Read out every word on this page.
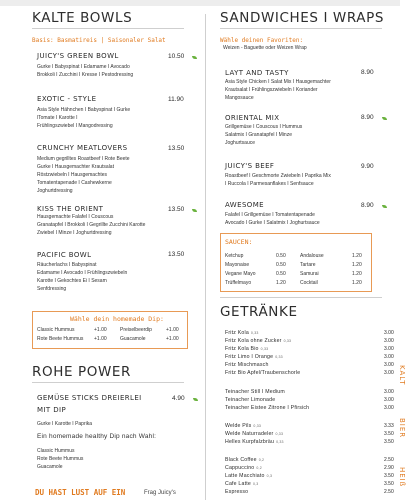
KALTE BOWLS
Basis: Basmatireis | Saisonaler Salat
JUICY'S GREEN BOWL	10.50
Gurke I Babyspinat I Edamame I Avocado
Brokkoli I Zucchini I Kresse I Pestodressing
EXOTIC - STYLE	11.90
Asia Style Hähnchen I Babyspinat I Gurke
lTomate I Karotte I
Frühlingszwiebel I Mangodressing
CRUNCHY MEATLOVERS	13.50
Medium gegrilltes Roastbeef I Rote Beete
Gurke I Hausgemachter Krautsalat
Röstzwiebeln I Hausgemachtes
Tomatentapenade I Cashewkerne
Joghurtdressing
KISS THE ORIENT	13.50
Hausgemachte Falafel I Couscous
Granatapfel I Brokkoli I Gegrillte Zucchini Karotte
Zwiebel I Minze I Joghurtdressing
PACIFIC BOWL	13.50
Räucherlachs I Babyspinat
Edamame I Avocado I Frühlingszwiebeln
Karotte I Gekochtes Ei I Sesam
Senfdressing
Wähle dein homemade Dip:
Classic Hummus	+1.00	Preiselbeerdip	+1.00
Rote Beete Hummus +1.00	Guacamole	+1.00
ROHE POWER
GEMÜSE STICKS DREIERLEI	4.90
MIT DIP
Gurke I Karotte I Paprika
Ein homemade healthy Dip nach Wahl:
Classic Hummus
Rote Beete Hummus
Guacamole
DU HAST LUST AUF EIN	Frag Juicy's
SANDWICHES I WRAPS
Wähle deinen Favoriten:
Weizen - Baguette oder Weizen Wrap
LAYT AND TASTY	8.90
Asia Style Chicken I Salat Mix I Hausgemachter
Krautsalat I Frühlingszwiebeln I Koriander
Mangosauce
ORIENTAL MIX	8.90
Grillgemüse I Couscous I Hummus
Salatmix I Granatapfel I Minze
Joghurtsauce
JUICY'S BEEF	9.90
Roastbeef I Geschmorte Zwiebeln I Paprika Mix
I Ruccola I Parmesanflakes I Senfsauce
AWESOME	8.90
Falafel I Grillgemüse I Tomatentapenade
Avocado I Gurke I Salatmix I Joghurtsauce
SAUCEN:
Ketchup	0.50	Andalouse	1.20
Mayonaise	0.50	Tartare	1.20
Vegane Mayo	0.50	Samurai	1.20
Trüffelmayo	1.20	Cocktail	1.20
GETRÄNKE
Fritz Kola 0,33	3.00
Fritz Kola ohne Zucker 0,33	3.00
Fritz Kola Bio 0,33	3.00
Fritz Limo I Orange 0,33	3.00
Fritz Mischmasch	3.00
Fritz Bio Apfel/Traubenschorle	3.00 KALT
Teinacher Still I Medium	3.00
Teinacher Limonade	3.00
Teinacher Eistee Zitrone I Pfirsich	3.00
Welde Pils 0,33	3.33
Welde Naturradeler 0,33	3.50
Helles Kurpfalzbräu 0,33	3.50
BIER
Black Coffee 0,2	2.50
Cappuccino 0,2	2.90
Latte Macchiato 0,3	3.50
Cafe Latte 0,3	3.50
Espresso	2.50
HEIß
